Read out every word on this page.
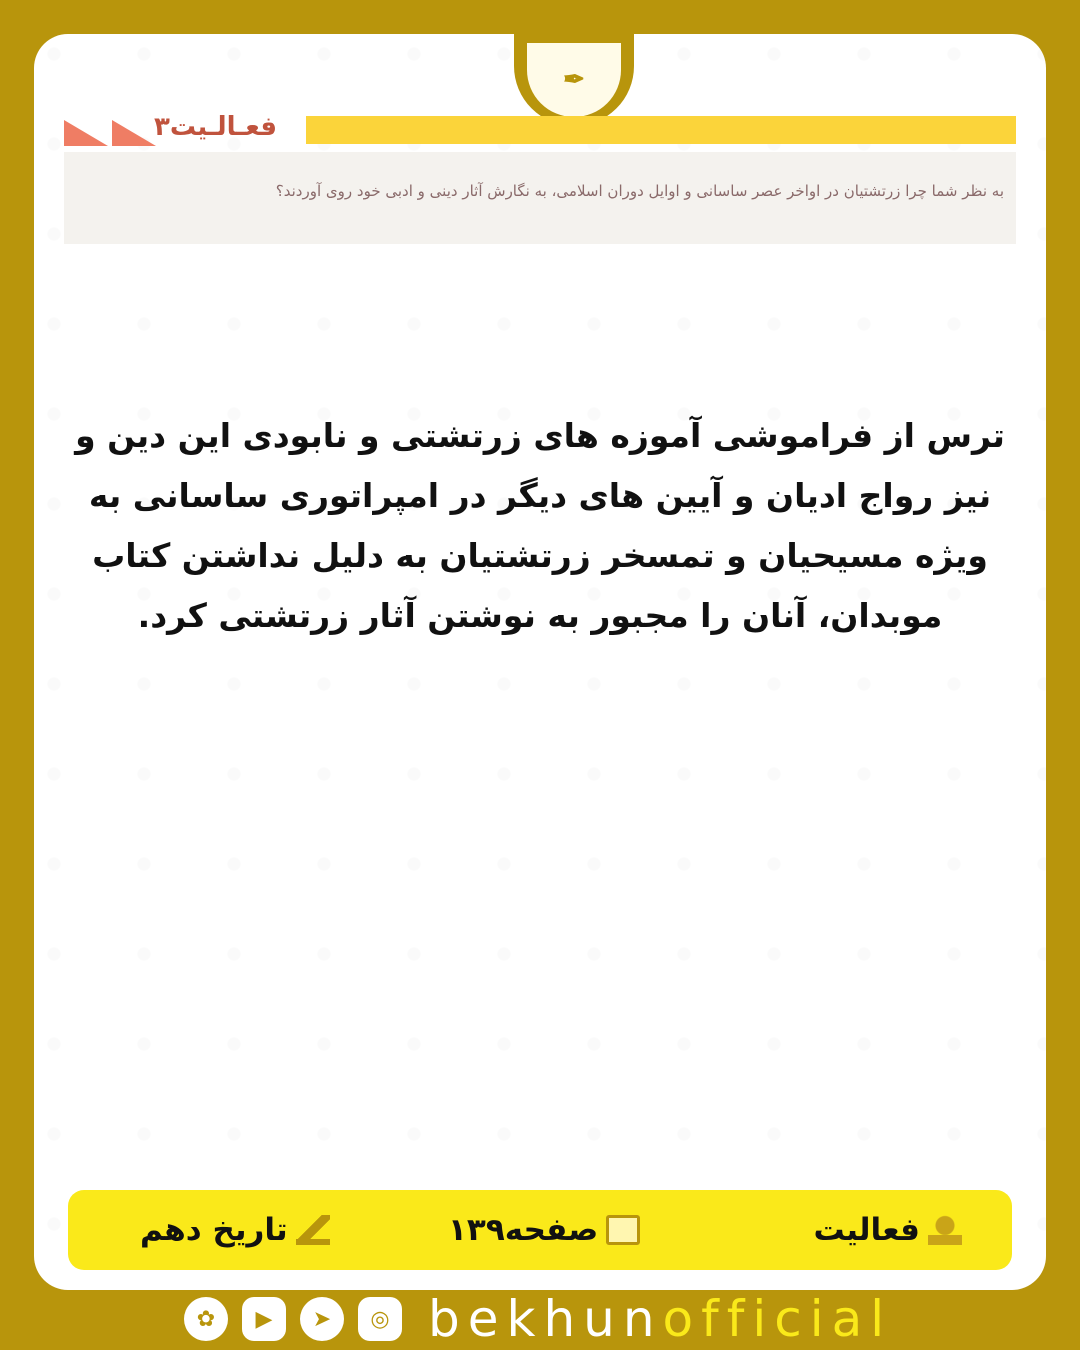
✒
فعـالـیت۳

به نظر شما چرا زرتشتیان در اواخر عصر ساسانی و اوایل دوران اسلامی، به نگارش آثار دینی و ادبی خود روی آوردند؟

ترس از فراموشی آموزه های زرتشتی و نابودی این دین و نیز رواج ادیان و آیین های دیگر در امپراتوری ساسانی به ویژه مسیحیان و تمسخر زرتشتیان به دلیل نداشتن کتاب موبدان، آنان را مجبور به نوشتن آثار زرتشتی کرد.
فعالیت
صفحه۱۳۹
تاریخ دهم
✿	▶	➤	◎ bekhunofficial
